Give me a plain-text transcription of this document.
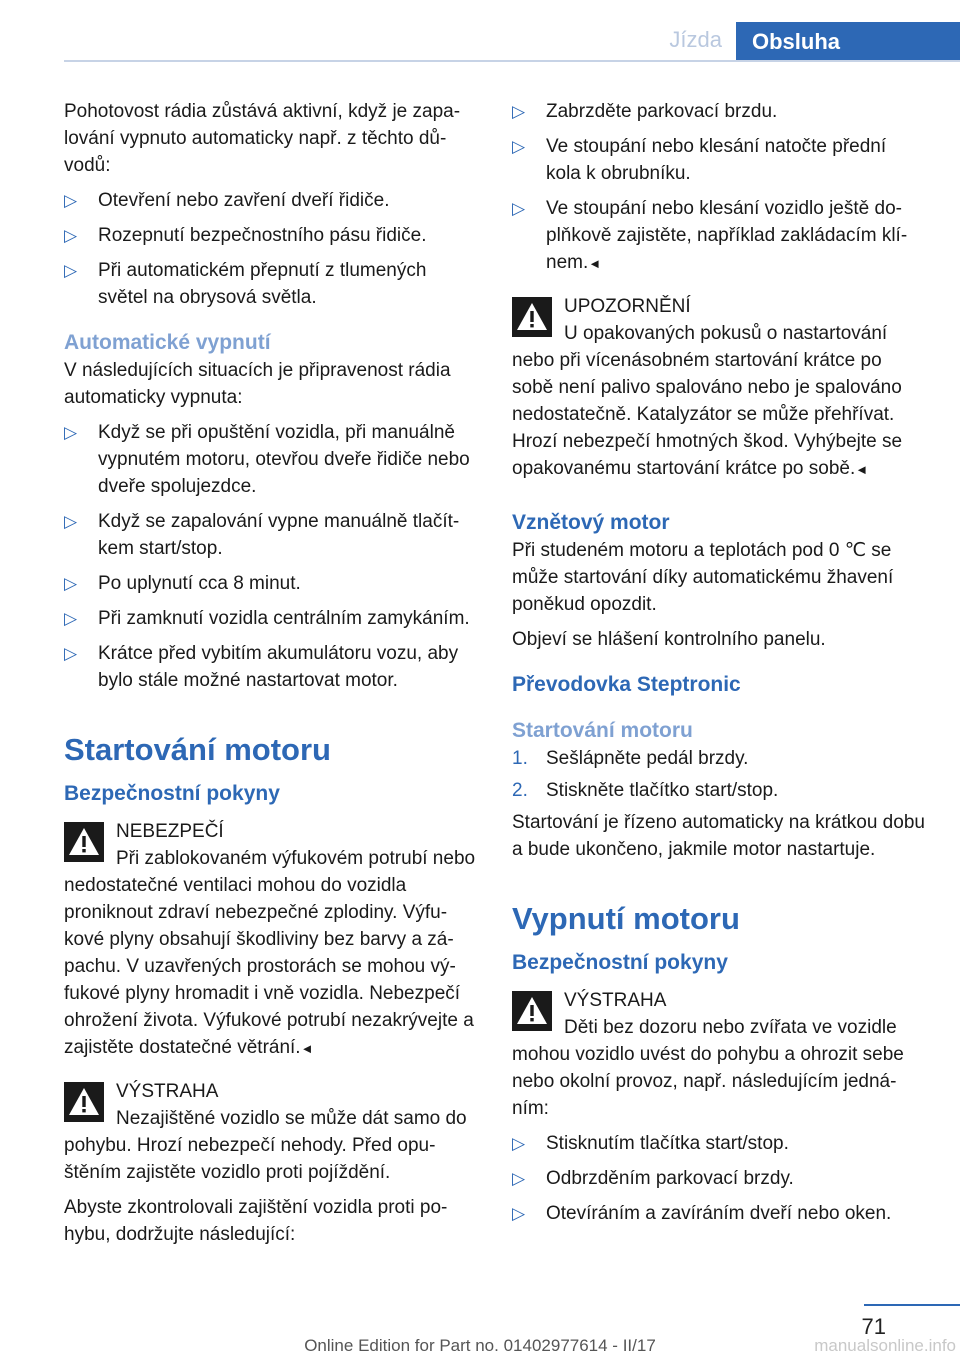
Jízda	Obsluha

Pohotovost rádia zůstává aktivní, když je zapalování vypnuto automaticky např. z těchto důvodů:

▷ Otevření nebo zavření dveří řidiče.
▷ Rozepnutí bezpečnostního pásu řidiče.
▷ Při automatickém přepnutí z tlumených světel na obrysová světla.
Automatické vypnutí

V následujících situacích je připravenost rádia automaticky vypnuta:

▷ Když se při opuštění vozidla, při manuálně vypnutém motoru, otevřou dveře řidiče nebo dveře spolujezdce.
▷ Když se zapalování vypne manuálně tlačítkem start/stop.
▷ Po uplynutí cca 8 minut.
▷ Při zamknutí vozidla centrálním zamykáním.
▷ Krátce před vybitím akumulátoru vozu, aby bylo stále možné nastartovat motor.
Startování motoru
Bezpečnostní pokyny
NEBEZPEČÍ
Při zablokovaném výfukovém potrubí nebo nedostatečné ventilaci mohou do vozidla proniknout zdraví nebezpečné zplodiny. Výfukové plyny obsahují škodliviny bez barvy a zápachu. V uzavřených prostorách se mohou výfukové plyny hromadit i vně vozidla. Nebezpečí ohrožení života. Výfukové potrubí nezakrývejte a zajistěte dostatečné větrání.◄
VÝSTRAHA
Nezajištěné vozidlo se může dát samo do pohybu. Hrozí nebezpečí nehody. Před opuštěním zajistěte vozidlo proti pojíždění.

Abyste zkontrolovali zajištění vozidla proti pohybu, dodržujte následující:

▷ Zabrzděte parkovací brzdu.
▷ Ve stoupání nebo klesání natočte přední kola k obrubníku.
▷ Ve stoupání nebo klesání vozidlo ještě doplňkově zajistěte, například zakládacím klínem.◄
UPOZORNĚNÍ
U opakovaných pokusů o nastartování nebo při vícenásobném startování krátce po sobě není palivo spalováno nebo je spalováno nedostatečně. Katalyzátor se může přehřívat. Hrozí nebezpečí hmotných škod. Vyhýbejte se opakovanému startování krátce po sobě.◄
Vznětový motor

Při studeném motoru a teplotách pod 0 ℃ se může startování díky automatickému žhavení poněkud opozdit.

Objeví se hlášení kontrolního panelu.

Převodovka Steptronic
Startování motoru
1. Sešlápněte pedál brzdy.
2. Stiskněte tlačítko start/stop.

Startování je řízeno automaticky na krátkou dobu a bude ukončeno, jakmile motor nastartuje.

Vypnutí motoru
Bezpečnostní pokyny
VÝSTRAHA
Děti bez dozoru nebo zvířata ve vozidle mohou vozidlo uvést do pohybu a ohrozit sebe nebo okolní provoz, např. následujícím jednáním:
▷ Stisknutím tlačítka start/stop.
▷ Odbrzděním parkovací brzdy.
▷ Otevíráním a zavíráním dveří nebo oken.
71
Online Edition for Part no. 01402977614 - II/17	manualsonline.info
